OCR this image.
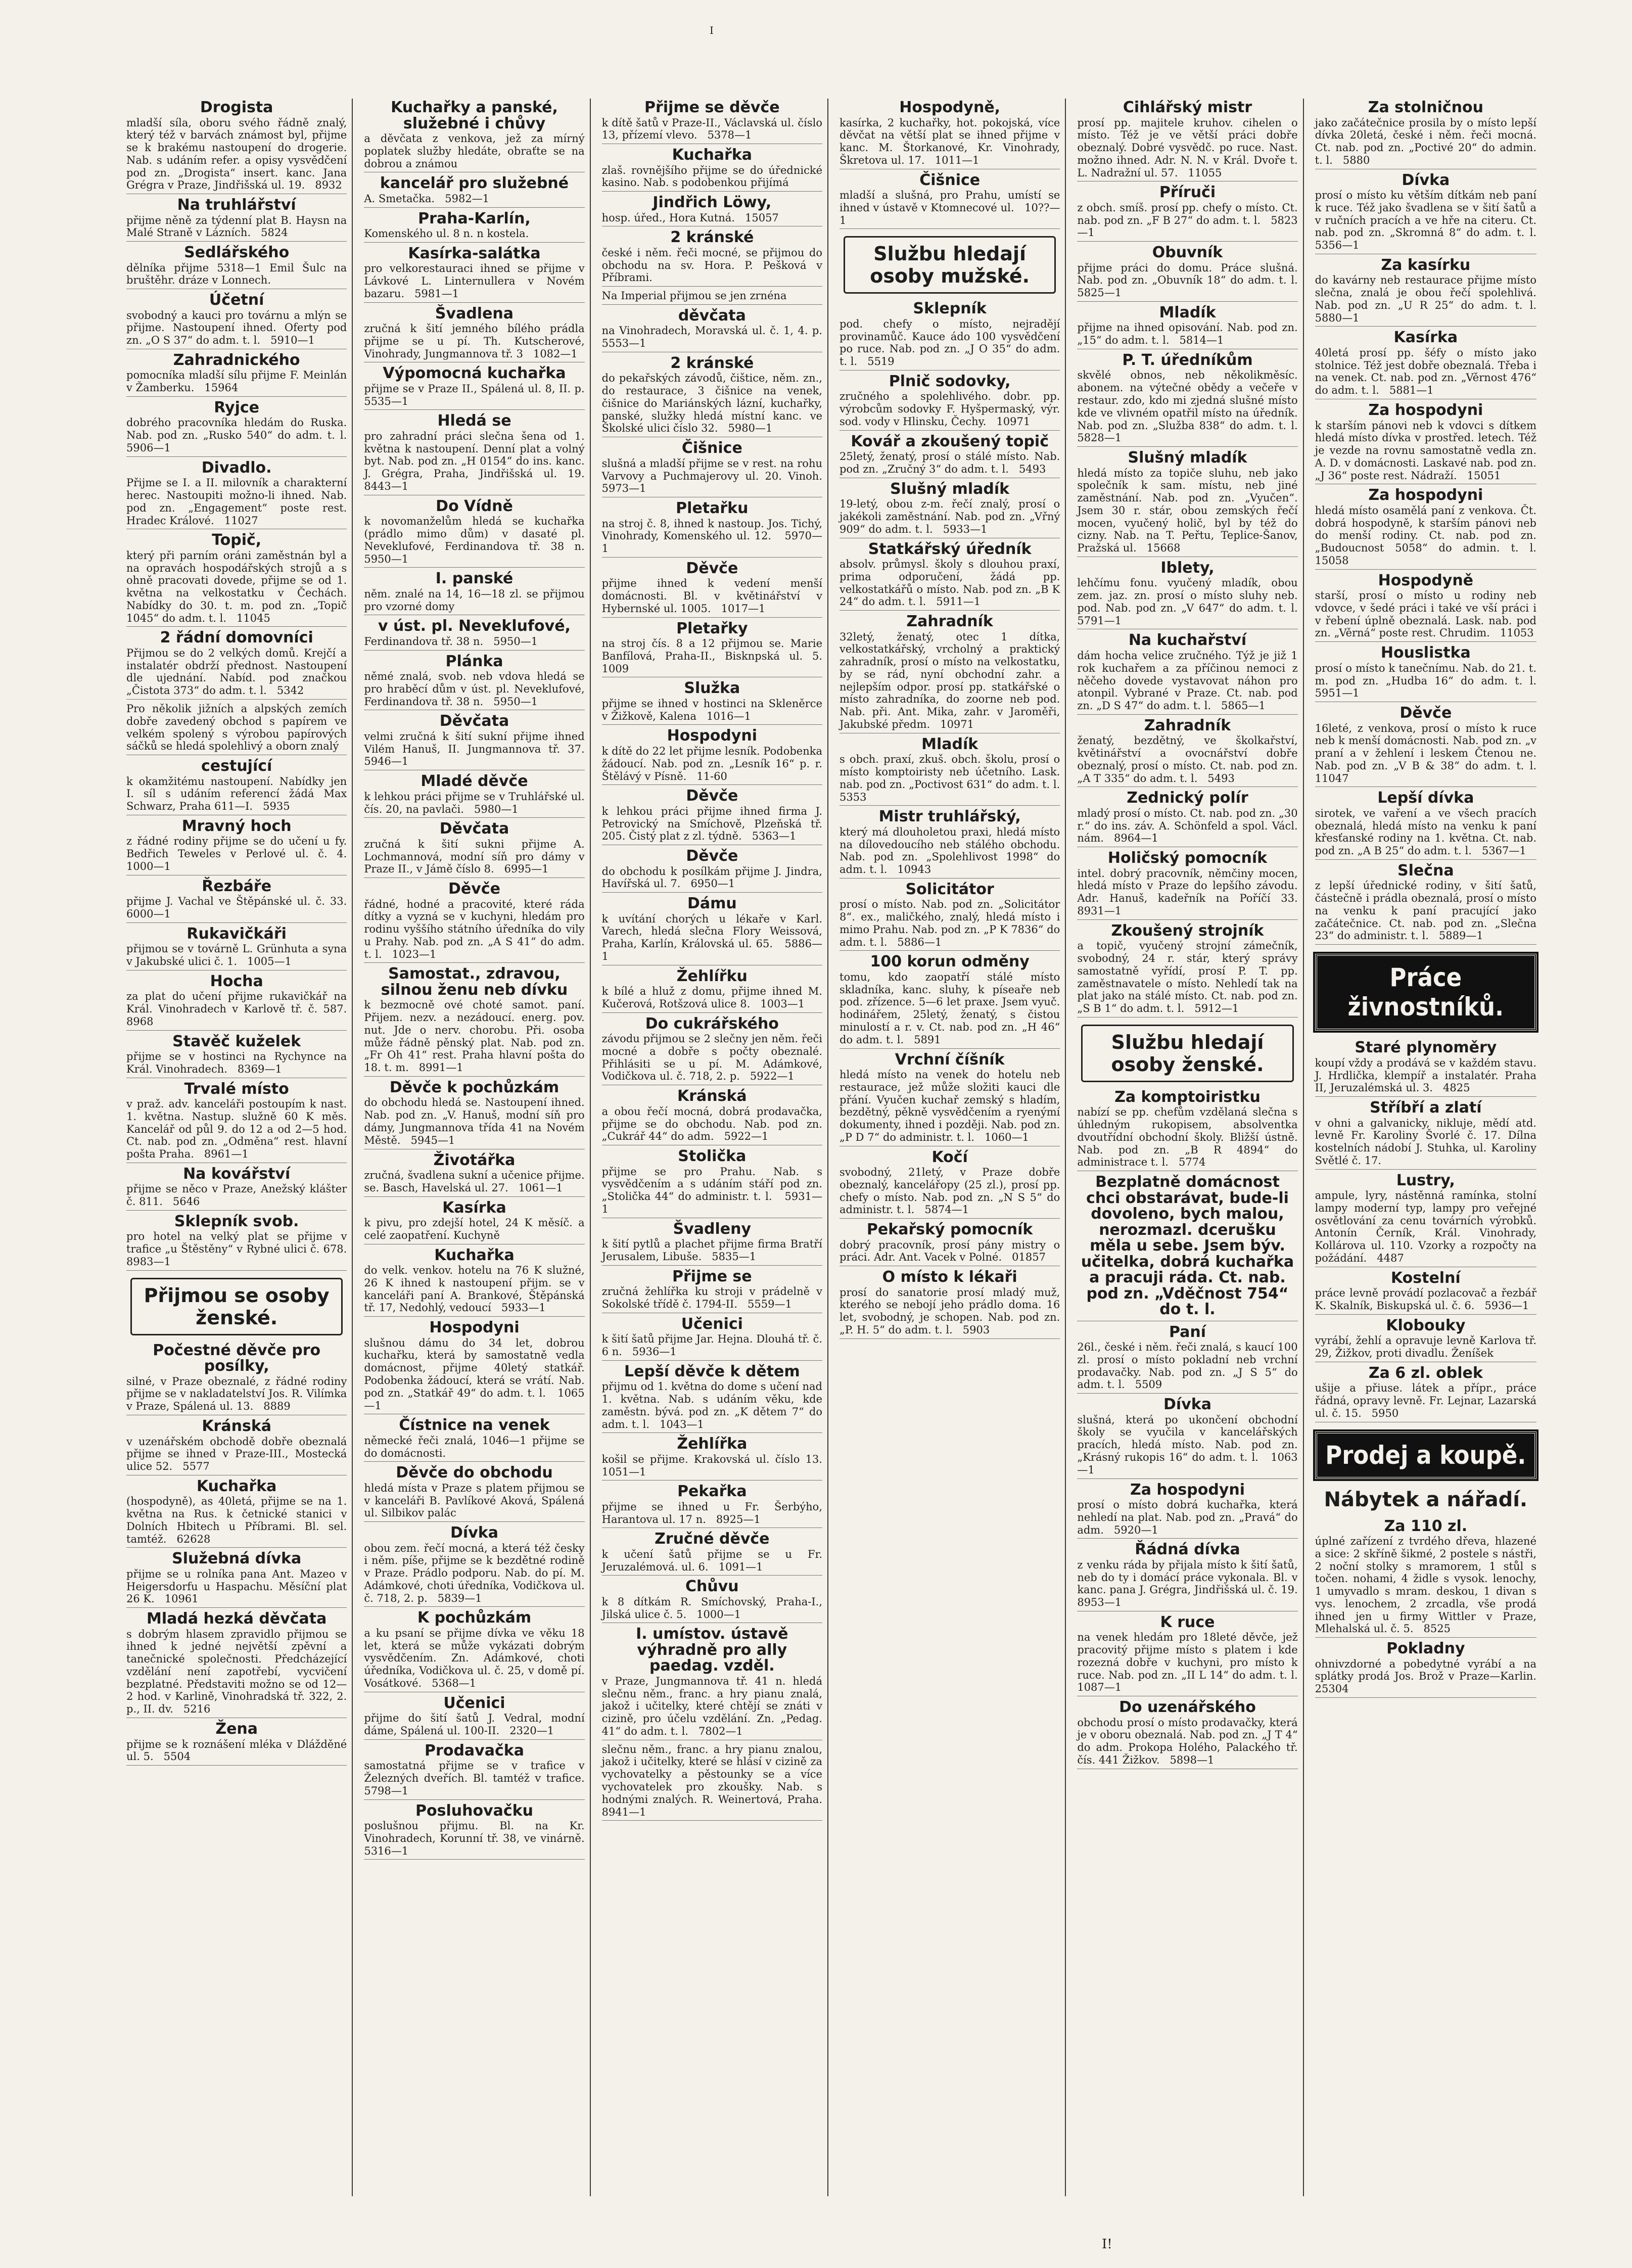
I
Drogista
mladší síla, oboru svého řádně znalý, který též v barvách známost byl, přijme se k brakému nastoupení do drogerie. Nab. s udáním refer. a opisy vysvědčení pod zn. „Drogista“ insert. kanc. Jana Grégra v Praze, Jindřišská ul. 19.   8932
Na truhlářství
přijme něně za týdenní plat B. Haysn na Malé Straně v Lázních.   5824
Sedlářského
dělníka přijme 5318—1 Emil Šulc na bruštěhr. dráze v Lonnech.
Účetní
svobodný a kauci pro továrnu a mlýn se přijme. Nastoupení ihned. Oferty pod zn. „O S 37“ do adm. t. l.   5910—1
Zahradnického
pomocníka mladší sílu přijme F. Meinlán v Žamberku.   15964
Ryjce
dobrého pracovníka hledám do Ruska. Nab. pod zn. „Rusko 540“ do adm. t. l.   5906—1
Divadlo.
Přijme se I. a II. milovník a charakterní herec. Nastoupiti možno-li ihned. Nab. pod zn. „Engagement“ poste rest. Hradec Králové.   11027
Topič,
který při parním oráni zaměstnán byl a na opravách hospodářských strojů a s ohně pracovati dovede, přijme se od 1. května na velkostatku v Čechách. Nabídky do 30. t. m. pod zn. „Topič 1045“ do adm. t. l.   11045
2 řádní domovníci
Přijmou se do 2 velkých domů. Krejčí a instalatér obdrží přednost. Nastoupení dle ujednání. Nabíd. pod značkou „Čistota 373“ do adm. t. l.   5342
Pro několik jižních a alpských zemích dobře zavedený obchod s papírem ve velkém spolený s výrobou papírových sáčků se hledá spolehlivý a oborn znalý
cestující
k okamžitému nastoupení. Nabídky jen I. síl s udáním referencí žádá Max Schwarz, Praha 611—I.   5935
Mravný hoch
z řádné rodiny přijme se do učení u fy. Bedřich Teweles v Perlové ul. č. 4.   1000—1
Řezbáře
přijme J. Vachal ve Štěpánské ul. č. 33.   6000—1
Rukavičkáři
přijmou se v továrně L. Grünhuta a syna v Jakubské ulici č. 1.   1005—1
Hocha
za plat do učení přijme rukavičkář na Král. Vinohradech v Karlově tř. č. 587.   8968
Stavěč kuželek
přijme se v hostinci na Rychynce na Král. Vinohradech.   8369—1
Trvalé místo
v praž. adv. kanceláři postoupím k nast. 1. května. Nastup. služně 60 K měs. Kancelář od půl 9. do 12 a od 2—5 hod. Ct. nab. pod zn. „Odměna“ rest. hlavní pošta Praha.   8961—1
Na kovářství
přijme se něco v Praze, Anežský klášter č. 811.   5646
Sklepník svob.
pro hotel na velký plat se přijme v trafice „u Štěstěny“ v Rybné ulici č. 678.   8983—1
Přijmou se osoby ženské.
Počestné děvče pro posílky,
silné, v Praze obeznalé, z řádné rodiny přijme se v nakladatelství Jos. R. Vilímka v Praze, Spálená ul. 13.   8889
Kránská
v uzenářském obchodě dobře obeznalá přijme se ihned v Praze-III., Mostecká ulice 52.   5577
Kuchařka
(hospodyně), as 40letá, přijme se na 1. května na Rus. k četnické stanici v Dolních Hbitech u Příbrami. Bl. sel. tamtéž.   62628
Služebná dívka
přijme se u rolníka pana Ant. Mazeo v Heigersdorfu u Haspachu. Měsíční plat 26 K.   10961
Mladá hezká děvčata
s dobrým hlasem zpravidlo přijmou se ihned k jedné největší zpěvní a tanečnické společnosti. Předcházející vzdělání není zapotřebí, vycvičení bezplatné. Představiti možno se od 12—2 hod. v Karlině, Vinohradská tř. 322, 2. p., II. dv.   5216
Žena
přijme se k roznášení mléka v Dlážděné ul. 5.   5504
Kuchařky a panské, služebné i chůvy
a děvčata z venkova, jež za mírný poplatek služby hledáte, obraťte se na dobrou a známou
kancelář pro služebné
A. Smetačka.   5982—1
Praha-Karlín,
Komenského ul. 8 n. n kostela.
Kasírka-salátka
pro velkorestauraci ihned se přijme v Lávkové L. Linternullera v Novém bazaru.   5981—1
Švadlena
zručná k šití jemného bílého prádla přijme se u pí. Th. Kutscherové, Vinohrady, Jungmannova tř. 3   1082—1
Výpomocná kuchařka
přijme se v Praze II., Spálená ul. 8, II. p.   5535—1
Hledá se
pro zahradní práci slečna šena od 1. května k nastoupení. Denní plat a volný byt. Nab. pod zn. „H 0154“ do ins. kanc. J. Grégra, Praha, Jindřišská ul. 19.   8443—1
Do Vídně
k novomanželům hledá se kuchařka (prádlo mimo dům) v dasaté pl. Neveklufové, Ferdinandova tř. 38 n.   5950—1
I. panské
něm. znalé na 14, 16—18 zl. se přijmou pro vzorné domy
v úst. pl. Neveklufové,
Ferdinandova tř. 38 n.   5950—1
Plánka
němé znalá, svob. neb vdova hledá se pro hraběcí dům v úst. pl. Neveklufové, Ferdinandova tř. 38 n.   5950—1
Děvčata
velmi zručná k šití sukní přijme ihned Vilém Hanuš, II. Jungmannova tř. 37.   5946—1
Mladé děvče
k lehkou práci přijme se v Truhlářské ul. čís. 20, na pavlači.   5980—1
Děvčata
zručná k šití sukni přijme A. Lochmannová, modní síň pro dámy v Praze II., v Jámě číslo 8.   6995—1
Děvče
řádné, hodné a pracovité, které ráda dítky a vyzná se v kuchyni, hledám pro rodinu vyššího státního úředníka do vily u Prahy. Nab. pod zn. „A S 41“ do adm. t. l.   1023—1
Samostat., zdravou, silnou ženu neb dívku
k bezmocně ové choté samot. paní. Přijem. nezv. a nezádoucí. energ. pov. nut. Jde o nerv. chorobu. Při. osoba může řádně pěnský plat. Nab. pod zn. „Fr Oh 41“ rest. Praha hlavní pošta do 18. t. m.   8991—1
Děvče k pochůzkám
do obchodu hledá se. Nastoupení ihned. Nab. pod zn. „V. Hanuš, modní síň pro dámy, Jungmannova třída 41 na Novém Městě.   5945—1
Životářka
zručná, švadlena sukní a učenice přijme. se. Basch, Havelská ul. 27.   1061—1
Kasírka
k pivu, pro zdejší hotel, 24 K měsíč. a celé zaopatření. Kuchyně
Kuchařka
do velk. venkov. hotelu na 76 K služné, 26 K ihned k nastoupení přijm. se v kanceláři paní A. Brankové, Štěpánská tř. 17, Nedohlý, vedoucí   5933—1
Hospodyni
slušnou dámu do 34 let, dobrou kuchařku, která by samostatně vedla domácnost, přijme 40letý statkář. Podobenka žádoucí, která se vrátí. Nab. pod zn. „Statkář 49“ do adm. t. l.   1065—1
Čístnice na venek
německé řeči znalá, 1046—1 přijme se do domácnosti.
Děvče do obchodu
hledá místa v Praze s platem přijmou se v kanceláři B. Pavlíkové Aková, Spálená ul. Silbikov palác
Dívka
obou zem. řečí mocná, a která též česky i něm. píše, přijme se k bezdětné rodině v Praze. Prádlo podporu. Nab. do pí. M. Adámkové, choti úředníka, Vodičkova ul. č. 718, 2. p.   5839—1
K pochůzkám
a ku psaní se přijme dívka ve věku 18 let, která se může vykázati dobrým vysvědčením. Zn. Adámkové, choti úředníka, Vodičkova ul. č. 25, v domě pí. Vosátkové.   5368—1
Učenici
přijme do šití šatů J. Vedral, modní dáme, Spálená ul. 100-II.   2320—1
Prodavačka
samostatná přijme se v trafice v Železných dveřích. Bl. tamtéž v trafice.   5798—1
Posluhovačku
poslušnou přijmu. Bl. na Kr. Vinohradech, Korunní tř. 38, ve vinárně.   5316—1
Přijme se děvče
k dítě šatů v Praze-II., Václavská ul. číslo 13, přízemí vlevo.   5378—1
Kuchařka
zlaš. rovnějšího přijme se do úřednické kasino. Nab. s podobenkou přijímá
Jindřich Löwy,
hosp. úřed., Hora Kutná.   15057
2 kránské
české i něm. řeči mocné, se přijmou do obchodu na sv. Hora. P. Pešková v Příbrami.
Na Imperial přijmou se jen zrnéna
děvčata
na Vinohradech, Moravská ul. č. 1, 4. p.   5553—1
2 kránské
do pekařských závodů, čištice, něm. zn., do restaurace, 3 čišnice na venek, čišnice do Mariánských lázní, kuchařky, panské, služky hledá místní kanc. ve Školské ulici číslo 32.   5980—1
Čišnice
slušná a mladší přijme se v rest. na rohu Varvovy a Puchmajerovy ul. 20. Vinoh.   5973—1
Pletařku
na stroj č. 8, ihned k nastoup. Jos. Tichý, Vinohrady, Komenského ul. 12.   5970—1
Děvče
přijme ihned k vedení menší domácnosti. Bl. v květinářství v Hybernské ul. 1005.   1017—1
Pletařky
na stroj čís. 8 a 12 přijmou se. Marie Banfílová, Praha-II., Bisknpská ul. 5.   1009
Služka
přijme se ihned v hostinci na Skleněrce v Žižkově, Kalena   1016—1
Hospodyni
k dítě do 22 let přijme lesník. Podobenka žádoucí. Nab. pod zn. „Lesník 16“ p. r. Štělávý v Písně.   11-60
Děvče
k lehkou práci přijme ihned firma J. Petrovický na Smíchově, Plzeňská tř. 205. Čistý plat z zl. týdně.   5363—1
Děvče
do obchodu k posílkám přijme J. Jindra, Havířská ul. 7.   6950—1
Dámu
k uvítání chorých u lékaře v Karl. Varech, hledá slečna Flory Weissová, Praha, Karlín, Královská ul. 65.   5886—1
Žehlířku
k bílé a hluž z domu, přijme ihned M. Kučerová, Rotšzová ulice 8.   1003—1
Do cukrářského
závodu přijmou se 2 slečny jen něm. řeči mocné a dobře s počty obeznalé. Přihlásiti se u pí. M. Adámkové, Vodičkova ul. č. 718, 2. p.   5922—1
Kránská
a obou řečí mocná, dobrá prodavačka, přijme se do obchodu. Nab. pod zn. „Cukrář 44“ do adm.   5922—1
Stolička
přijme se pro Prahu. Nab. s vysvědčením a s udáním stáří pod zn. „Stolička 44“ do administr. t. l.   5931—1
Švadleny
k šití pytlů a plachet přijme firma Bratří Jerusalem, Libuše.   5835—1
Přijme se
zručná žehlířka ku stroji v prádelně v Sokolské třídě č. 1794-II.   5559—1
Učenici
k šití šatů přijme Jar. Hejna. Dlouhá tř. č. 6 n.   5936—1
Lepší děvče k dětem
přijmu od 1. května do dome s učení nad 1. května. Nab. s udáním věku, kde zaměstn. bývá. pod zn. „K dětem 7“ do adm. t. l.   1043—1
Žehlířka
košil se přijme. Krakovská ul. číslo 13.   1051—1
Pekařka
přijme se ihned u Fr. Šerbýho, Harantova ul. 17 n.   8925—1
Zručné děvče
k učení šatů přijme se u Fr. Jeruzalémová. ul. 6.   1091—1
Chůvu
k 8 dítkám R. Smíchovský, Praha-I., Jilská ulice č. 5.   1000—1
I. umístov. ústavě výhradně pro ally paedag. vzděl.
v Praze, Jungmannova tř. 41 n. hledá slečnu něm., franc. a hry pianu znalá, jakož i učitelky, které chtějí se znáti v cizině, pro účelu vzdělání. Zn. „Pedag. 41“ do adm. t. l.   7802—1
slečnu něm., franc. a hry pianu znalou, jakož i učitelky, které se hlásí v cizině za vychovatelky a pěstounky se a více vychovatelek pro zkoušky. Nab. s hodnými znalých. R. Weinertová, Praha.   8941—1
Hospodyně,
kasírka, 2 kuchařky, hot. pokojská, více děvčat na větší plat se ihned přijme v kanc. M. Štorkanové, Kr. Vinohrady, Škretova ul. 17.   1011—1
Čišnice
mladší a slušná, pro Prahu, umístí se ihned v ústavě v Ktomnecové ul.   10??—1
Službu hledají osoby mužské.
Sklepník
pod. chefy o místo, nejradějí provinamůč. Kauce ádo 100 vysvědčení po ruce. Nab. pod zn. „J O 35“ do adm. t. l.   5519
Plnič sodovky,
zručného a spolehlivého. dobr. pp. výrobcům sodovky F. Hyšpermaský, výr. sod. vody v Hlinsku, Čechy.   10971
Kovář a zkoušený topič
25letý, ženatý, prosí o stálé místo. Nab. pod zn. „Zručný 3“ do adm. t. l.   5493
Slušný mladík
19-letý, obou z-m. řečí znalý, prosí o jakékoli zaměstnání. Nab. pod zn. „Vřný 909“ do adm. t. l.   5933—1
Statkářský úředník
absolv. průmysl. školy s dlouhou praxí, prima odporučení, žádá pp. velkostatkářů o místo. Nab. pod zn. „B K 24“ do adm. t. l.   5911—1
Zahradník
32letý, ženatý, otec 1 dítka, velkostatkářský, vrcholný a praktický zahradník, prosí o místo na velkostatku, by se rád, nyní obchodní zahr. a nejlepším odpor. prosí pp. statkářské o místo zahradníka, do zoorne neb pod. Nab. při. Ant. Mika, zahr. v Jaroměři, Jakubské předm.   10971
Mladík
s obch. praxí, zkuš. obch. školu, prosí o místo komptoiristy neb účetního. Lask. nab. pod zn. „Poctivost 631“ do adm. t. l.   5353
Mistr truhlářský,
který má dlouholetou praxi, hledá místo na dílovedoucího neb stálého obchodu. Nab. pod zn. „Spolehlivost 1998“ do adm. t. l.   10943
Solicitátor
prosí o místo. Nab. pod zn. „Solicitátor 8“. ex., maličkého, znalý, hledá místo i mimo Prahu. Nab. pod zn. „P K 7836“ do adm. t. l.   5886—1
100 korun odměny
tomu, kdo zaopatří stálé místo skladníka, kanc. sluhy, k píseaře neb pod. zřízence. 5—6 let praxe. Jsem vyuč. hodinářem, 25letý, ženatý, s čistou minulostí a r. v. Ct. nab. pod zn. „H 46“ do adm. t. l.   5891
Vrchní číšník
hledá místo na venek do hotelu neb restaurace, jež může složiti kauci dle přání. Vyučen kuchař zemský s hladím, bezdětný, pěkně vysvědčením a ryenýmí dokumenty, ihned i později. Nab. pod zn. „P D 7“ do administr. t. l.   1060—1
Kočí
svobodný, 21letý, v Praze dobře obeznalý, kancelářopy (25 zl.), prosí pp. chefy o místo. Nab. pod zn. „N S 5“ do administr. t. l.   5874—1
Pekařský pomocník
dobrý pracovník, prosí pány mistry o práci. Adr. Ant. Vacek v Polné.   01857
O místo k lékaři
prosí do sanatorie prosí mladý muž, kterého se nebojí jeho prádlo doma. 16 let, svobodný, je schopen. Nab. pod zn. „P. H. 5“ do adm. t. l.   5903
Cihlářský mistr
prosí pp. majitele kruhov. cihelen o místo. Též je ve větší práci dobře obeznalý. Dobré vysvědč. po ruce. Nast. možno ihned. Adr. N. N. v Král. Dvoře t. L. Nadražní ul. 57.   11055
Příruči
z obch. smíš. prosí pp. chefy o místo. Ct. nab. pod zn. „F B 27“ do adm. t. l.   5823—1
Obuvník
přijme práci do domu. Práce slušná. Nab. pod zn. „Obuvník 18“ do adm. t. l.   5825—1
Mladík
přijme na ihned opisování. Nab. pod zn. „15“ do adm. t. l.   5814—1
P. T. úředníkům
skvělé obnos, neb několikměsíc. abonem. na výtečné obědy a večeře v restaur. zdo, kdo mi zjedná slušné místo kde ve vlivném opatřil místo na úředník. Nab. pod zn. „Služba 838“ do adm. t. l.   5828—1
Slušný mladík
hledá místo za topiče sluhu, neb jako společník k sam. místu, neb jiné zaměstnání. Nab. pod zn. „Vyučen“. Jsem 30 r. stár, obou zemských řečí mocen, vyučený holič, byl by též do cizny. Nab. na T. Peřtu, Teplice-Šanov, Pražská ul.   15668
Iblety,
lehčímu fonu. vyučený mladík, obou zem. jaz. zn. prosí o místo sluhy neb. pod. Nab. pod zn. „V 647“ do adm. t. l.   5791—1
Na kuchařství
dám hocha velice zručného. Týž je již 1 rok kuchařem a za příčinou nemoci z něčeho dovede vystavovat náhon pro atonpil. Vybrané v Praze. Ct. nab. pod zn. „D S 47“ do adm. t. l.   5865—1
Zahradník
ženatý, bezdětný, ve školkařství, květinářství a ovocnářství dobře obeznalý, prosí o místo. Ct. nab. pod zn. „A T 335“ do adm. t. l.   5493
Zednický polír
mladý prosí o místo. Ct. nab. pod zn. „30 r.“ do ins. záv. A. Schönfeld a spol. Václ. nám.   8964—1
Holičský pomocník
intel. dobrý pracovník, němčiny mocen, hledá místo v Praze do lepšího závodu. Adr. Hanuš, kadeřník na Poříčí 33.   8931—1
Zkoušený strojník
a topič, vyučený strojní zámečník, svobodný, 24 r. stár, který správy samostatně vyřídí, prosí P. T. pp. zaměstnavatele o místo. Nehledí tak na plat jako na stálé místo. Ct. nab. pod zn. „S B 1“ do adm. t. l.   5912—1
Službu hledají osoby ženské.
Za komptoiristku
nabízí se pp. chefům vzdělaná slečna s úhledným rukopisem, absolventka dvoutřídní obchodní školy. Bližší ústně. Nab. pod zn. „B R 4894“ do administrace t. l.   5774
Bezplatně domácnost chci obstarávat, bude-li dovoleno, bych malou, nerozmazl. dcerušku měla u sebe. Jsem býv. učitelka, dobrá kuchařka a pracuji ráda. Ct. nab. pod zn. „Vděčnost 754“ do t. l.
Paní
26l., české i něm. řeči znalá, s kaucí 100 zl. prosí o místo pokladní neb vrchní prodavačky. Nab. pod zn. „J S 5“ do adm. t. l.   5509
Dívka
slušná, která po ukončení obchodní školy se vyučila v kancelářských pracích, hledá místo. Nab. pod zn. „Krásný rukopis 16“ do adm. t. l.   1063—1
Za hospodyni
prosí o místo dobrá kuchařka, která nehledí na plat. Nab. pod zn. „Pravá“ do adm.   5920—1
Řádná dívka
z venku ráda by přijala místo k šití šatů, neb do ty i domácí práce vykonala. Bl. v kanc. pana J. Grégra, Jindřišská ul. č. 19.   8953—1
K ruce
na venek hledám pro 18leté děvče, jež pracovitý přijme místo s platem i kde rozezná dobře v kuchyni, pro místo k ruce. Nab. pod zn. „II L 14“ do adm. t. l.   1087—1
Do uzenářského
obchodu prosí o místo prodavačky, která je v oboru obeznalá. Nab. pod zn. „J T 4“ do adm. Prokopa Holého, Palackého tř. čís. 441 Žižkov.   5898—1
Za stolničnou
jako začátečnice prosila by o místo lepší dívka 20letá, české i něm. řeči mocná. Ct. nab. pod zn. „Poctivé 20“ do admin. t. l.   5880
Dívka
prosí o místo ku větším dítkám neb paní k ruce. Též jako švadlena se v šití šatů a v ručních pracích a ve hře na citeru. Ct. nab. pod zn. „Skromná 8“ do adm. t. l.   5356—1
Za kasírku
do kavárny neb restaurace přijme místo slečna, znalá je obou řečí spolehlivá. Nab. pod zn. „U R 25“ do adm. t. l.   5880—1
Kasírka
40letá prosí pp. šéfy o místo jako stolnice. Též jest dobře obeznalá. Třeba i na venek. Ct. nab. pod zn. „Věrnost 476“ do adm. t. l.   5881—1
Za hospodyni
k starším pánovi neb k vdovci s dítkem hledá místo dívka v prostřed. letech. Též je vezde na rovnu samostatně vedla zn. A. D. v domácnosti. Laskavé nab. pod zn. „J 36“ poste rest. Nádraží.   15051
Za hospodyni
hledá místo osamělá paní z venkova. Čt. dobrá hospodyně, k starším pánovi neb do menší rodiny. Ct. nab. pod zn. „Budoucnost 5058“ do admin. t. l.   15058
Hospodyně
starší, prosí o místo u rodiny neb vdovce, v šedé práci i také ve vší práci i v řebení úplně obeznalá. Lask. nab. pod zn. „Věrná“ poste rest. Chrudim.   11053
Houslistka
prosí o místo k tanečnímu. Nab. do 21. t. m. pod zn. „Hudba 16“ do adm. t. l.   5951—1
Děvče
16leté, z venkova, prosí o místo k ruce neb k menší domácnosti. Nab. pod zn. „v praní a v žehlení i leskem Čtenou ne. Nab. pod zn. „V B & 38“ do adm. t. l.   11047
Lepší dívka
sirotek, ve vaření a ve všech pracích obeznalá, hledá místo na venku k paní křesťanské rodiny na 1. května. Ct. nab. pod zn. „A B 25“ do adm. t. l.   5367—1
Slečna
z lepší úřednické rodiny, v šití šatů, částečně i prádla obeznalá, prosí o místo na venku k paní pracující jako začátečnice. Ct. nab. pod zn. „Slečna 23“ do administr. t. l.   5889—1
Práce živnostníků.
Staré plynoměry
koupí vždy a prodává se v každém stavu. J. Hrdlička, klempíř a instalatér. Praha II, Jeruzalémská ul. 3.   4825
Stříbří a zlatí
v ohni a galvanicky, nikluje, mědí atd. levně Fr. Karoliny Švorlé č. 17. Dílna kostelních nádobí J. Stuhka, ul. Karoliny Světlé č. 17.
Lustry,
ampule, lyry, nástěnná ramínka, stolní lampy moderní typ, lampy pro veřejné osvětlování za cenu továrních výrobků. Antonín Černík, Král. Vinohrady, Kollárova ul. 110. Vzorky a rozpočty na požádání.   4487
Kostelní
práce levně provádí pozlacovač a řezbář K. Skalník, Biskupská ul. č. 6.   5936—1
Klobouky
vyrábí, žehlí a opravuje levně Karlova tř. 29, Žižkov, proti divadlu. Ženíšek
Za 6 zl. oblek
ušije a přiuse. látek a přípr., práce řádná, opravy levně. Fr. Lejnar, Lazarská ul. č. 15.   5950
Prodej a koupě.
Nábytek a nářadí.
Za 110 zl.
úplné zařízení z tvrdého dřeva, hlazené a sice: 2 skříně šikmé, 2 postele s nástři, 2 noční stolky s mramorem, 1 stůl s točen. nohami, 4 židle s vysok. lenochy, 1 umyvadlo s mram. deskou, 1 divan s vys. lenochem, 2 zrcadla, vše prodá ihned jen u firmy Wittler v Praze, Mlehalská ul. č. 5.   8525
Pokladny
ohnivzdorné a pobedytné vyrábí a na splátky prodá Jos. Brož v Praze—Karlin.   25304
I!
